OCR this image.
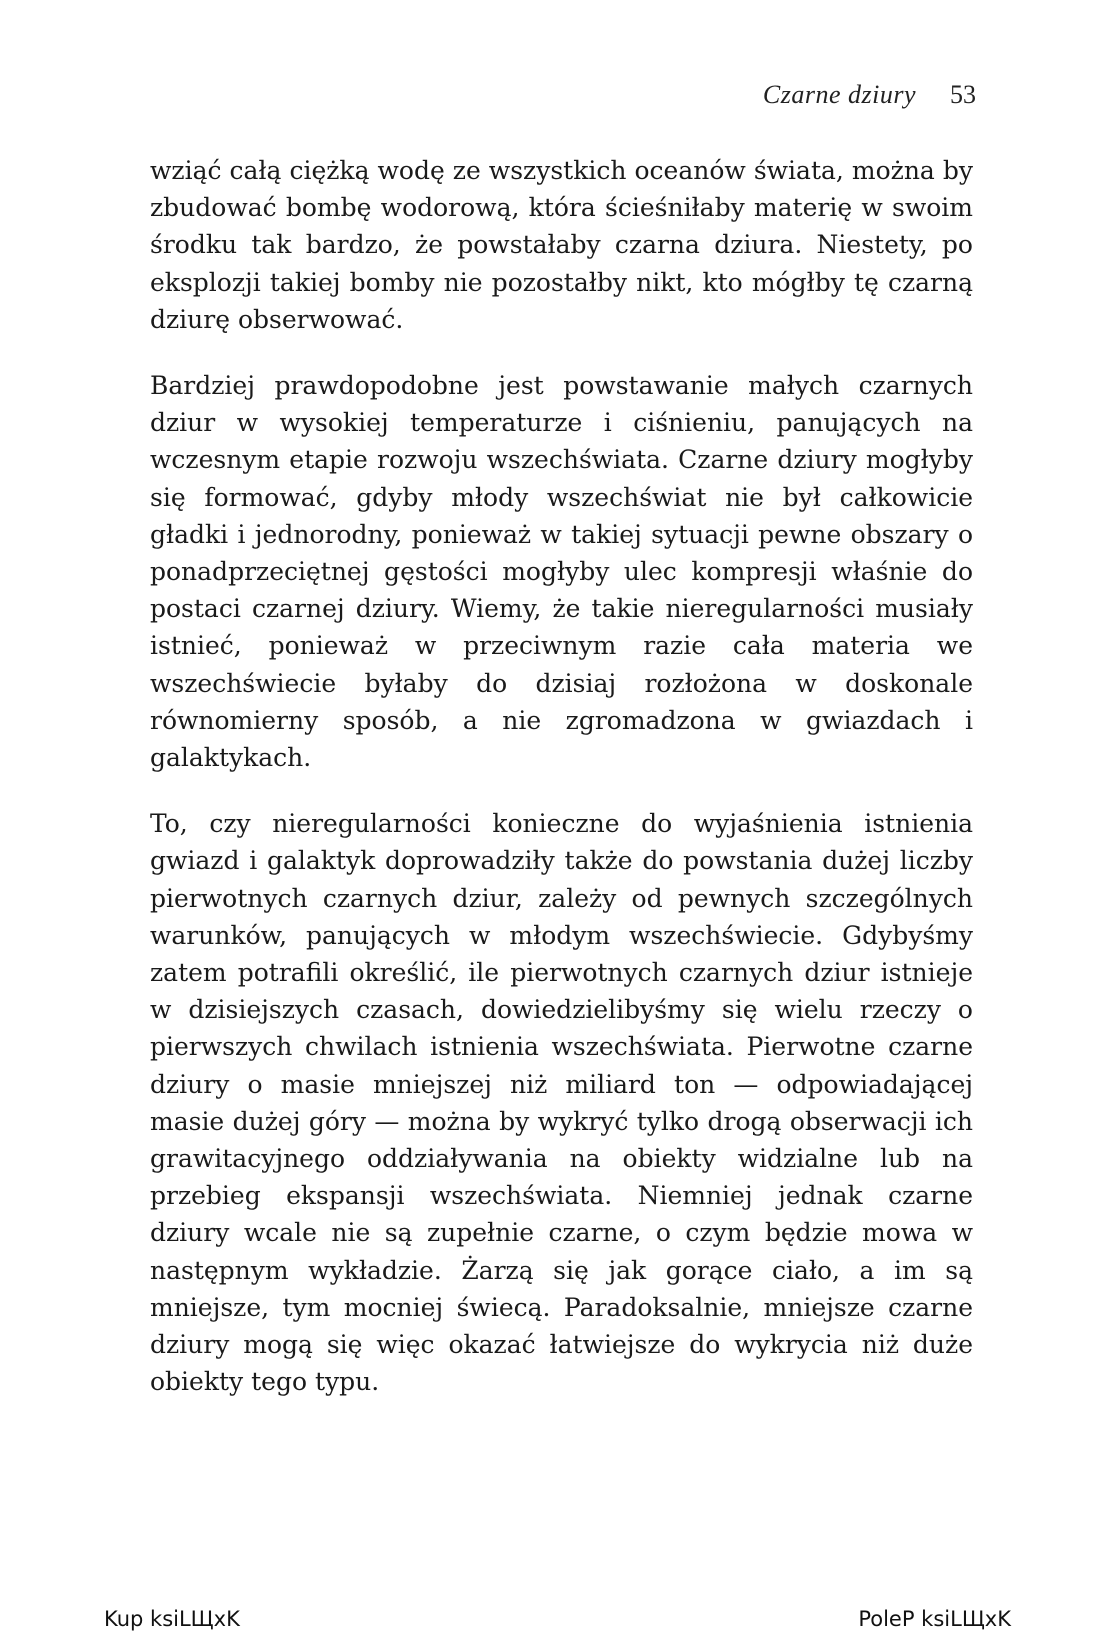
Czarne dziury 53

wziąć całą ciężką wodę ze wszystkich oceanów świata, można by zbudować bombę wodorową, która ścieśniłaby materię w swoim środku tak bardzo, że powstałaby czarna dziura. Niestety, po eksplozji takiej bomby nie pozostałby nikt, kto mógłby tę czarną dziurę obserwować.

Bardziej prawdopodobne jest powstawanie małych czarnych dziur w wysokiej temperaturze i ciśnieniu, panujących na wczesnym etapie rozwoju wszechświata. Czarne dziury mogłyby się formować, gdyby młody wszechświat nie był całkowicie gładki i jednorodny, ponieważ w takiej sytuacji pewne obszary o ponadprzeciętnej gęstości mogłyby ulec kompresji właśnie do postaci czarnej dziury. Wiemy, że takie nieregularności musiały istnieć, ponieważ w przeciwnym razie cała materia we wszechświecie byłaby do dzisiaj rozłożona w doskonale równomierny sposób, a nie zgromadzona w gwiazdach i galaktykach.

To, czy nieregularności konieczne do wyjaśnienia istnienia gwiazd i galaktyk doprowadziły także do powstania dużej liczby pierwotnych czarnych dziur, zależy od pewnych szczególnych warunków, panujących w młodym wszechświecie. Gdybyśmy zatem potrafili określić, ile pierwotnych czarnych dziur istnieje w dzisiejszych czasach, dowiedzielibyśmy się wielu rzeczy o pierwszych chwilach istnienia wszechświata. Pierwotne czarne dziury o masie mniejszej niż miliard ton — odpowiadającej masie dużej góry — można by wykryć tylko drogą obserwacji ich grawitacyjnego oddziaływania na obiekty widzialne lub na przebieg ekspansji wszechświata. Niemniej jednak czarne dziury wcale nie są zupełnie czarne, o czym będzie mowa w następnym wykładzie. Żarzą się jak gorące ciało, a im są mniejsze, tym mocniej świecą. Paradoksalnie, mniejsze czarne dziury mogą się więc okazać łatwiejsze do wykrycia niż duże obiekty tego typu.

Kup ksiLЩxK	PoleP ksiLЩxK
